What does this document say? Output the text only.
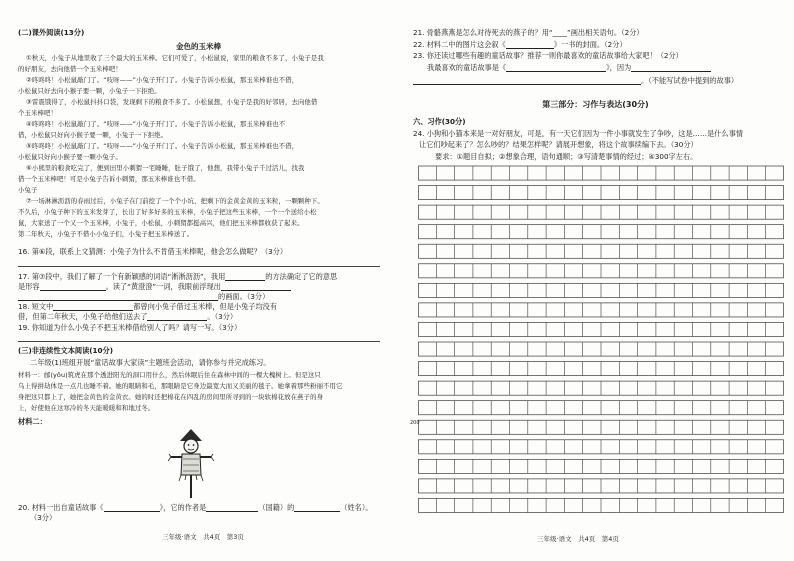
(二)课外阅读(13分)
金色的玉米棒
①秋天，小兔子从地里收了三个最大的玉米棒。它们可爱了，小松鼠说，家里的粮食不多了，小兔子是我
的好朋友，去向他借一个玉米棒吧！
②咚咚咚！小松鼠敲门了。“吱呀——”小兔子开门了。小兔子告诉小松鼠，那玉米棒谁也不借，
小松鼠只好去向小猴子要一颗，小兔子一下拒绝。
③雷震饿得了，小松鼠抖抖口袋，发现剩下的粮食不多了。小松鼠想，小兔子是我的好邻居，去向他借
个玉米棒吧！
④咚咚咚！小松鼠敲门了。“吱呀——”小兔子开门了。小兔子告诉小松鼠，那玉米棒谁也不
借，小松鼠只好向小猴子要一颗，小兔子一下拒绝。
⑤咚咚咚！小松鼠敲门了。“吱呀——”小兔子开门了。小兔子告诉小松鼠，那玉米棒谁也不借，
小松鼠只好向小猴子要一颗小兔子。
⑥小熊里的粮食吃完了，便到田里小刺猬一宅睡睡，肚子饿了，他想，我带小兔子千过活儿，找我
借一个玉米棒吧！可是小兔子告诉小刺猬，那玉米棒谁也不借。
小兔子
⑦一场淋淋沥沥的春雨过后，小兔子在门前挖了一个个小坑，把剩下的金黄金黄的玉米粒，一颗颗种下。
不久后，小兔子种下的玉米发芽了，长出了好多好多的玉米棒，小兔子把这些玉米棒，一个一个送给小松
鼠，大家送了一个又一个玉米棒，小兔子，小松鼠，小刺猬都挺高兴，他们把玉米棒都收获了起来。
第二年秋天，小兔子不借小小兔子们，小兔子把玉米棒送了。
16. 第⑥段，联系上文猜测：小兔子为什么不肯借玉米棒呢，他会怎么做呢？（3分）
17. 第⑦段中，我们了解了一个有新颖感的词语“淅淅沥沥”，我用	的方法确定了它的意思
是形容	。读了“黄澄澄”一词，我眼前浮现出
的画面。（3分）
18. 短文中	都曾向小兔子借过玉米棒，但是小兔子均没有
借，但第二年秋天，小兔子给他们送去了	。（3分）
19. 你知道为什么小兔子不把玉米棒借给别人了吗？请写一写。（3分）
(三)非连续性文本阅读(10分)
二年级(1)班组开展“童话故事大家读”主题班会活动，请你参与并完成练习。
材料一：邮(yǒu)筑虎在那个透进阳光的洞口用什么，然后休眠后住在森林中间的一棵大槐树上。但是这只
乌上得拼劫体是一点几也睡不着。她的眼睛和毛，那眼睛是它身边最宽大而又美丽的毯子。她拿着那些粉丽不用它
身把这只都上了，她把金黄色的金黄衣。她的时还把棉花在四乱的房间里所寻到的一块软棉花放在燕子的身
上，好使他在这寒冷的冬天能暖暖和和地过冬。
材料二：
20. 材料一出自童话故事《	》，它的作者是	（国籍）的	（姓名）。
（3分）
三年级·语文　共4页　第3页
21. 骨骼燕燕是怎么对待死去的燕子的？用“____”画出相关语句。（2分）
22. 材料二中的图片这会叙《	》一书的封面。（2分）
23. 你还读过哪些有趣的童话故事？推荐一则你最喜欢的童话故事给大家吧！（2分）
我最喜欢的童话故事是《	》，因为
。（不能写试卷中提到的故事）
第三部分：习作与表达(30分)
六、习作(30分)
24. 小狗和小猫本来是一对好朋友，可是，有一天它们因为一件小事就发生了争吵，这是……是什么事情
让它们吵起来了？怎么吵的？结果怎样呢？请展开想象，将这个故事续编下去。（30分）
要求：①题目自拟；②想象合理，语句通顺；③写清楚事情的经过；④300字左右。
三年级·语文　共4页　第4页
200
